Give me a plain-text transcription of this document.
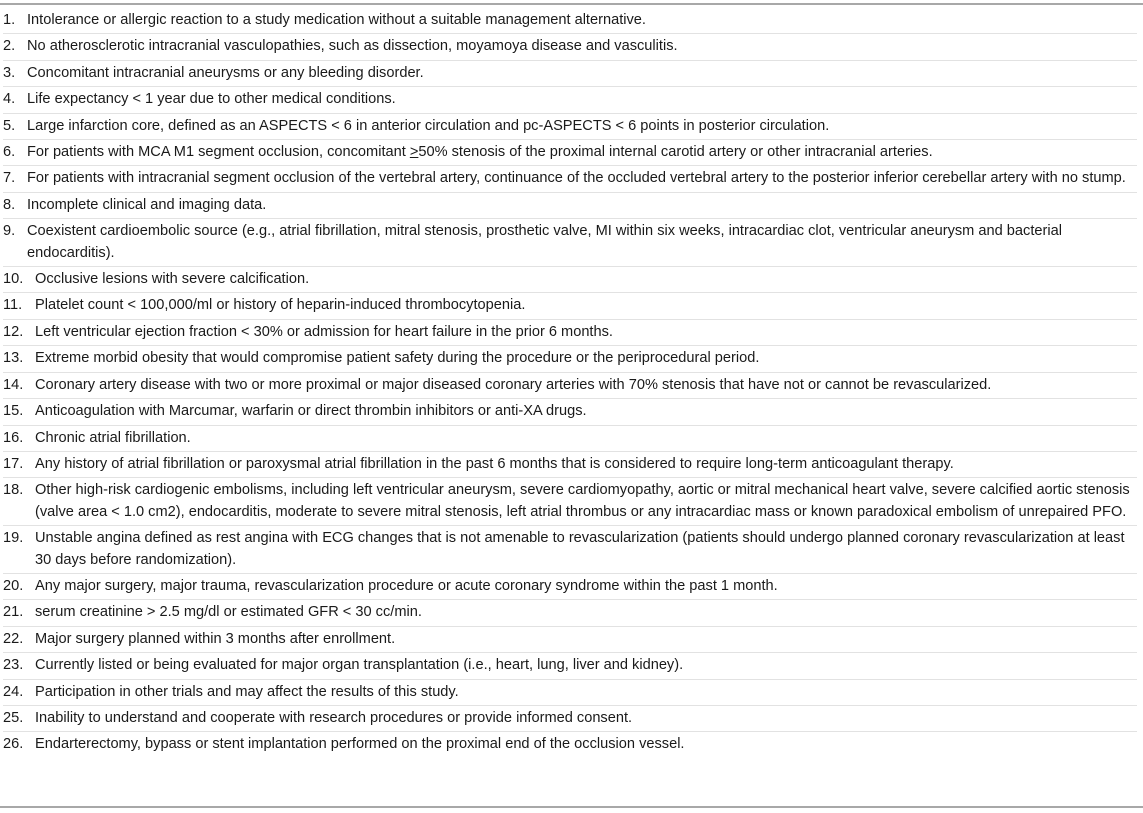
1. Intolerance or allergic reaction to a study medication without a suitable management alternative.
2. No atherosclerotic intracranial vasculopathies, such as dissection, moyamoya disease and vasculitis.
3. Concomitant intracranial aneurysms or any bleeding disorder.
4. Life expectancy < 1 year due to other medical conditions.
5. Large infarction core, defined as an ASPECTS < 6 in anterior circulation and pc-ASPECTS < 6 points in posterior circulation.
6. For patients with MCA M1 segment occlusion, concomitant >50% stenosis of the proximal internal carotid artery or other intracranial arteries.
7. For patients with intracranial segment occlusion of the vertebral artery, continuance of the occluded vertebral artery to the posterior inferior cerebellar artery with no stump.
8. Incomplete clinical and imaging data.
9. Coexistent cardioembolic source (e.g., atrial fibrillation, mitral stenosis, prosthetic valve, MI within six weeks, intracardiac clot, ventricular aneurysm and bacterial endocarditis).
10. Occlusive lesions with severe calcification.
11. Platelet count < 100,000/ml or history of heparin-induced thrombocytopenia.
12. Left ventricular ejection fraction < 30% or admission for heart failure in the prior 6 months.
13. Extreme morbid obesity that would compromise patient safety during the procedure or the periprocedural period.
14. Coronary artery disease with two or more proximal or major diseased coronary arteries with 70% stenosis that have not or cannot be revascularized.
15. Anticoagulation with Marcumar, warfarin or direct thrombin inhibitors or anti-XA drugs.
16. Chronic atrial fibrillation.
17. Any history of atrial fibrillation or paroxysmal atrial fibrillation in the past 6 months that is considered to require long-term anticoagulant therapy.
18. Other high-risk cardiogenic embolisms, including left ventricular aneurysm, severe cardiomyopathy, aortic or mitral mechanical heart valve, severe calcified aortic stenosis (valve area < 1.0 cm2), endocarditis, moderate to severe mitral stenosis, left atrial thrombus or any intracardiac mass or known paradoxical embolism of unrepaired PFO.
19. Unstable angina defined as rest angina with ECG changes that is not amenable to revascularization (patients should undergo planned coronary revascularization at least 30 days before randomization).
20. Any major surgery, major trauma, revascularization procedure or acute coronary syndrome within the past 1 month.
21. serum creatinine > 2.5 mg/dl or estimated GFR < 30 cc/min.
22. Major surgery planned within 3 months after enrollment.
23. Currently listed or being evaluated for major organ transplantation (i.e., heart, lung, liver and kidney).
24. Participation in other trials and may affect the results of this study.
25. Inability to understand and cooperate with research procedures or provide informed consent.
26. Endarterectomy, bypass or stent implantation performed on the proximal end of the occlusion vessel.
